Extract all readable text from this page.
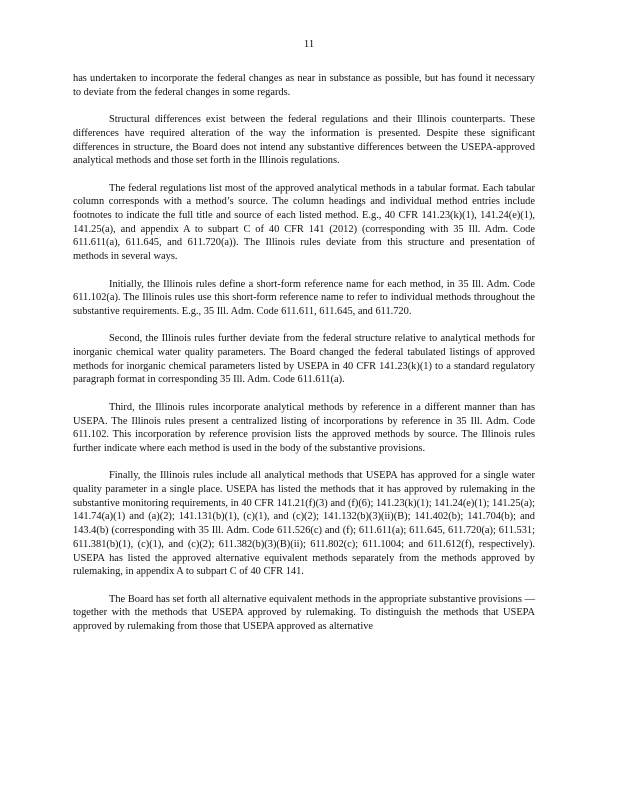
11

has undertaken to incorporate the federal changes as near in substance as possible, but has found it necessary to deviate from the federal changes in some regards.

Structural differences exist between the federal regulations and their Illinois counterparts. These differences have required alteration of the way the information is presented. Despite these significant differences in structure, the Board does not intend any substantive differences between the USEPA-approved analytical methods and those set forth in the Illinois regulations.

The federal regulations list most of the approved analytical methods in a tabular format. Each tabular column corresponds with a method’s source. The column headings and individual method entries include footnotes to indicate the full title and source of each listed method. E.g., 40 CFR 141.23(k)(1), 141.24(e)(1), 141.25(a), and appendix A to subpart C of 40 CFR 141 (2012) (corresponding with 35 Ill. Adm. Code 611.611(a), 611.645, and 611.720(a)). The Illinois rules deviate from this structure and presentation of methods in several ways.

Initially, the Illinois rules define a short-form reference name for each method, in 35 Ill. Adm. Code 611.102(a). The Illinois rules use this short-form reference name to refer to individual methods throughout the substantive requirements. E.g., 35 Ill. Adm. Code 611.611, 611.645, and 611.720.

Second, the Illinois rules further deviate from the federal structure relative to analytical methods for inorganic chemical water quality parameters. The Board changed the federal tabulated listings of approved methods for inorganic chemical parameters listed by USEPA in 40 CFR 141.23(k)(1) to a standard regulatory paragraph format in corresponding 35 Ill. Adm. Code 611.611(a).

Third, the Illinois rules incorporate analytical methods by reference in a different manner than has USEPA. The Illinois rules present a centralized listing of incorporations by reference in 35 Ill. Adm. Code 611.102. This incorporation by reference provision lists the approved methods by source. The Illinois rules further indicate where each method is used in the body of the substantive provisions.

Finally, the Illinois rules include all analytical methods that USEPA has approved for a single water quality parameter in a single place. USEPA has listed the methods that it has approved by rulemaking in the substantive monitoring requirements, in 40 CFR 141.21(f)(3) and (f)(6); 141.23(k)(1); 141.24(e)(1); 141.25(a); 141.74(a)(1) and (a)(2); 141.131(b)(1), (c)(1), and (c)(2); 141.132(b)(3)(ii)(B); 141.402(b); 141.704(b); and 143.4(b) (corresponding with 35 Ill. Adm. Code 611.526(c) and (f); 611.611(a); 611.645, 611.720(a); 611.531; 611.381(b)(1), (c)(1), and (c)(2); 611.382(b)(3)(B)(ii); 611.802(c); 611.1004; and 611.612(f), respectively). USEPA has listed the approved alternative equivalent methods separately from the methods approved by rulemaking, in appendix A to subpart C of 40 CFR 141.

The Board has set forth all alternative equivalent methods in the appropriate substantive provisions — together with the methods that USEPA approved by rulemaking. To distinguish the methods that USEPA approved by rulemaking from those that USEPA approved as alternative
